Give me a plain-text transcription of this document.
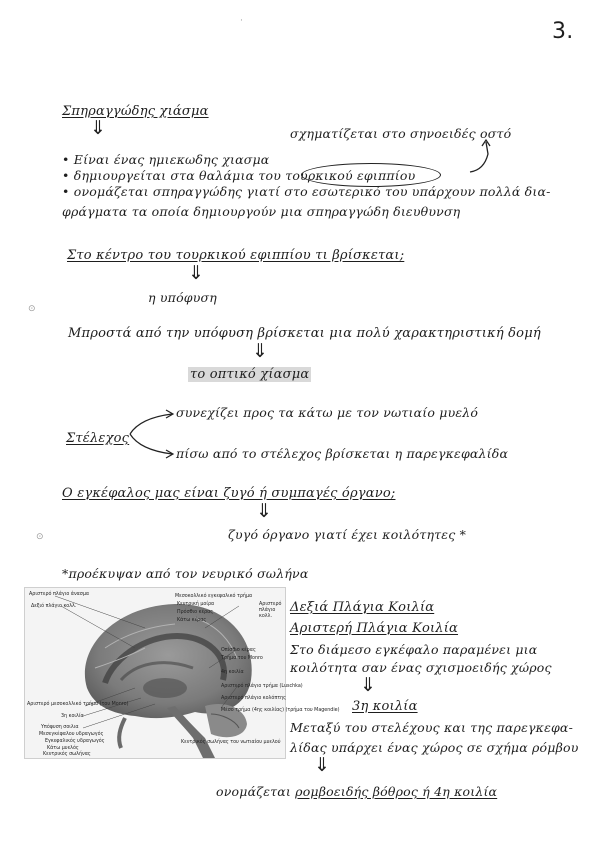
3.
·
Σπηραγγώδης χιάσμα
⇓	σχηματίζεται στο σηνοειδές οστό
• Είναι ένας ημιεκωδης χιασμα
• δημιουργείται στα θαλάμια του τουρκικού εφιππίου
• ονομάζεται σπηραγγώδης γιατί στο εσωτερικό του υπάρχουν πολλά δια-
φράγματα τα οποία δημιουργούν μια σπηραγγώδη διευθυνση
Στο κέντρο του τουρκικού εφιππίου τι βρίσκεται;
⇓
η υπόφυση
⊙
Μπροστά από την υπόφυση βρίσκεται μια πολύ χαρακτηριστική δομή
⇓
το οπτικό χίασμα
συνεχίζει προς τα κάτω με τον νωτιαίο μυελό
Στέλεχος
πίσω από το στέλεχος βρίσκεται η παρεγκεφαλίδα
Ο εγκέφαλος μας είναι ζυγό ή συμπαγές όργανο;
⇓
ζυγό όργανο γιατί έχει κοιλότητες *
⊙
*προέκυψαν από τον νευρικό σωλήνα
Αριστερό πλάγιο άνασμα
Δεξιό πλάγιο κολλ.
Αριστερό μεσοκολλικό τρήμα (του Monro)
3η κοιλία
Υπόφυση σοιλια
Μεσεγκέφαλου υδραγωγός
Εγκεφαλικός υδραγωγός
Κάτω μυελός
Κεντρικός σωλήνας
Μεσοκολλικό εγκεφαλικό τρήμα
Κεντρική μοίρα
Πρόσθιο κέρας
Κάτω κέρας
Οπίσθιο κέρας
Τρήμα του Monro
4η κοιλία
Αριστερό πλάγιο τρήμα (Luschka)
Αριστερό πλάγιο κολόπτης
Μέσο τρήμα (4ης κοιλίας) (τρήμα του Magendie)
Κεντρικός σωλήνας του νωτιαίου μυελού
Αριστερό
πλάγιο
κολλ.
Δεξιά Πλάγια Κοιλία
Αριστερή Πλάγια Κοιλία
Στο διάμεσο εγκέφαλο παραμένει μια
κοιλότητα σαν ένας σχισμοειδής χώρος
⇓
3η κοιλία
Μεταξύ του στελέχους και της παρεγκεφα-
λίδας υπάρχει ένας χώρος σε σχήμα ρόμβου
⇓
ονομάζεται ρομβοειδής βόθρος ή 4η κοιλία
